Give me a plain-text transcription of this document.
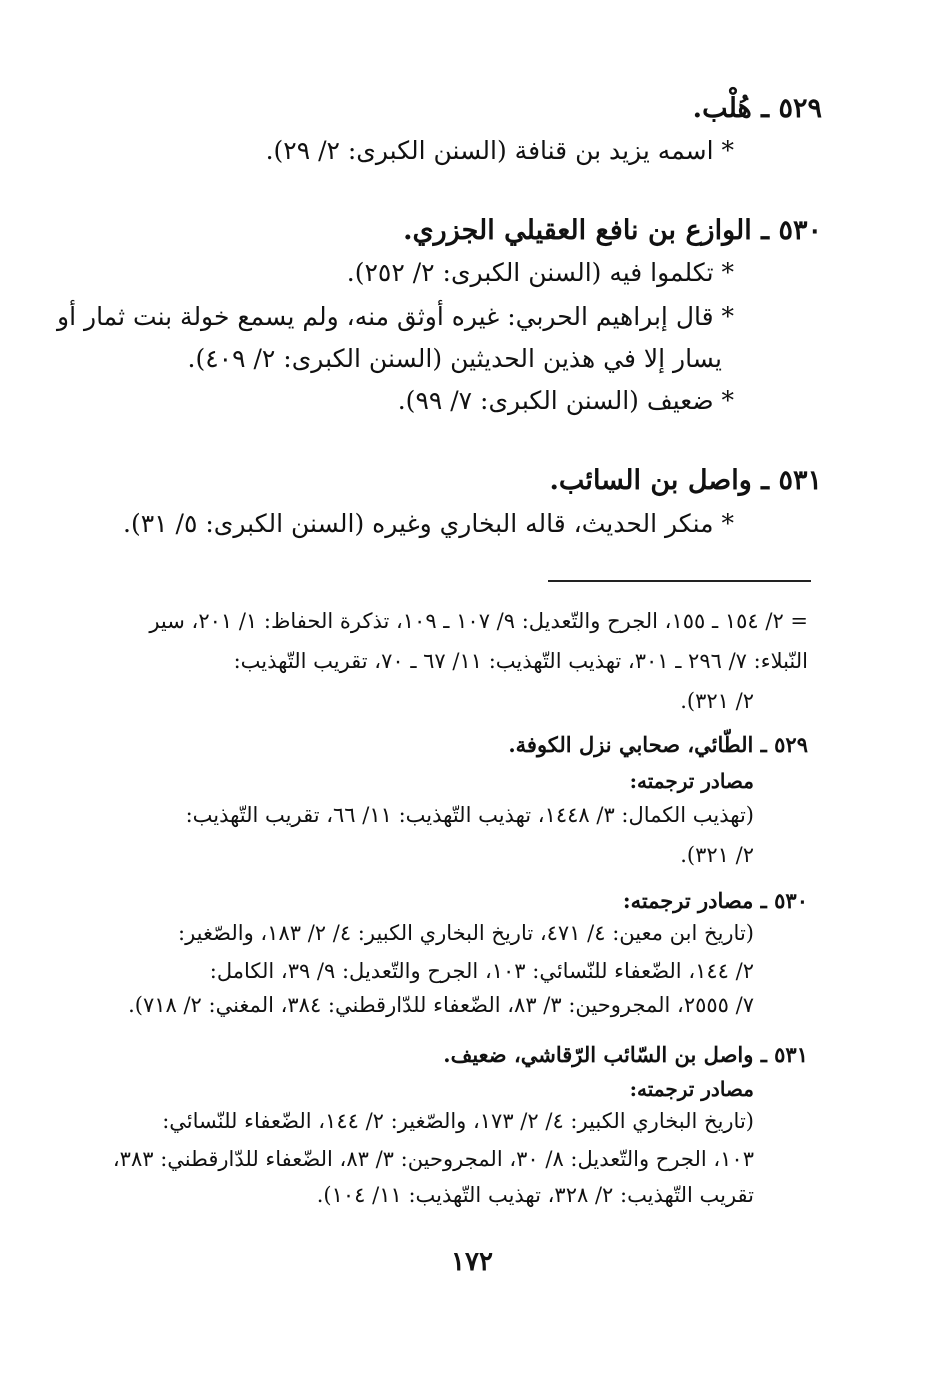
٥٢٩ ـ هُلْب.
* اسمه يزيد بن قنافة (السنن الكبرى: ٢/ ٢٩).
٥٣٠ ـ الوازع بن نافع العقيلي الجزري.
* تكلموا فيه (السنن الكبرى: ٢/ ٢٥٢).
* قال إبراهيم الحربي: غيره أوثق منه، ولم يسمع خولة بنت ثمار أو
يسار إلا في هذين الحديثين (السنن الكبرى: ٢/ ٤٠٩).
* ضعيف (السنن الكبرى: ٧/ ٩٩).
٥٣١ ـ واصل بن السائب.
* منكر الحديث، قاله البخاري وغيره (السنن الكبرى: ٥/ ٣١).
= ٢/ ١٥٤ ـ ١٥٥، الجرح والتّعديل: ٩/ ١٠٧ ـ ١٠٩، تذكرة الحفاظ: ١/ ٢٠١، سير
النّبلاء: ٧/ ٢٩٦ ـ ٣٠١، تهذيب التّهذيب: ١١/ ٦٧ ـ ٧٠، تقريب التّهذيب:
٢/ ٣٢١).
٥٢٩ ـ الطّائي، صحابي نزل الكوفة.
مصادر ترجمته:
(تهذيب الكمال: ٣/ ١٤٤٨، تهذيب التّهذيب: ١١/ ٦٦، تقريب التّهذيب:
٢/ ٣٢١).
٥٣٠ ـ مصادر ترجمته:
(تاريخ ابن معين: ٤/ ٤٧١، تاريخ البخاري الكبير: ٤/ ٢/ ١٨٣، والصّغير:
٢/ ١٤٤، الضّعفاء للنّسائي: ١٠٣، الجرح والتّعديل: ٩/ ٣٩، الكامل:
٧/ ٢٥٥٥، المجروحين: ٣/ ٨٣، الضّعفاء للدّارقطني: ٣٨٤، المغني: ٢/ ٧١٨).
٥٣١ ـ واصل بن السّائب الرّقاشي، ضعيف.
مصادر ترجمته:
(تاريخ البخاري الكبير: ٤/ ٢/ ١٧٣، والصّغير: ٢/ ١٤٤، الضّعفاء للنّسائي:
١٠٣، الجرح والتّعديل: ٨/ ٣٠، المجروحين: ٣/ ٨٣، الضّعفاء للدّارقطني: ٣٨٣،
تقريب التّهذيب: ٢/ ٣٢٨، تهذيب التّهذيب: ١١/ ١٠٤).
١٧٢
